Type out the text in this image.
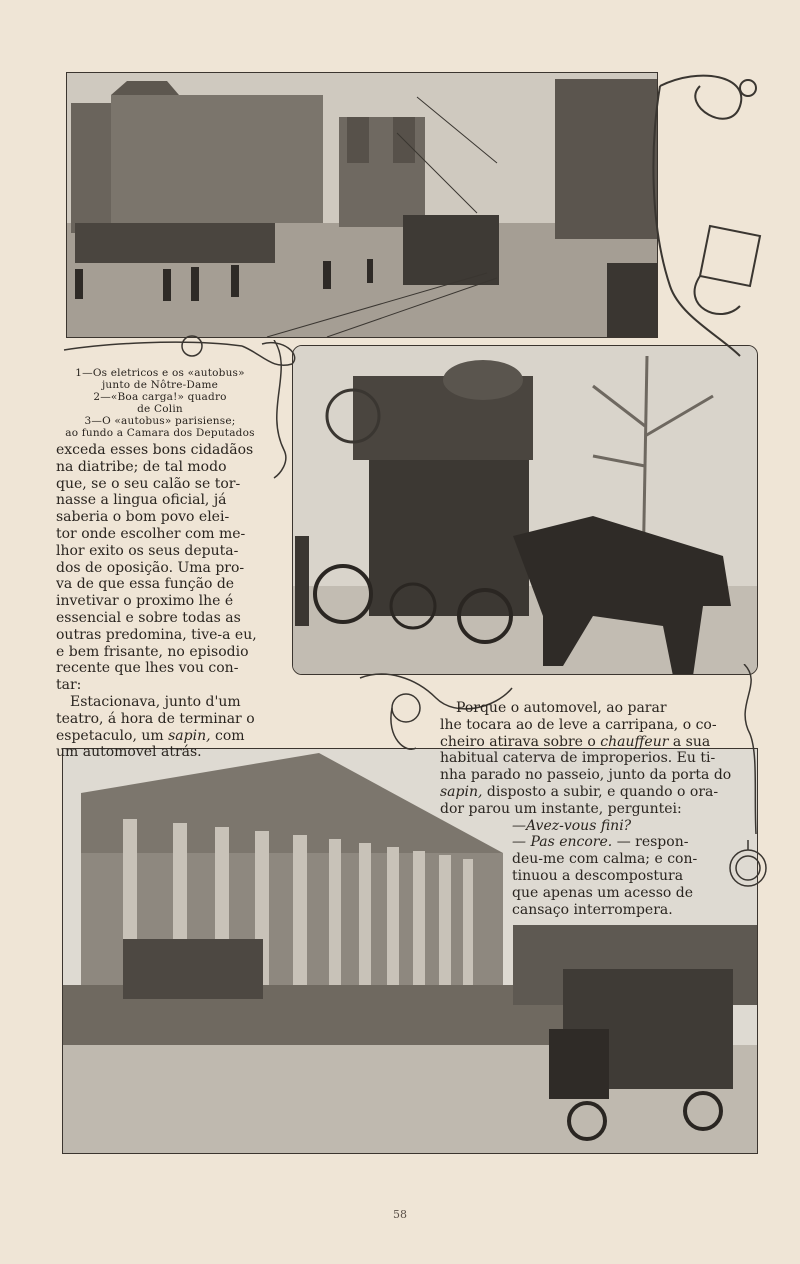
1—Os eletricos e os «autobus»
junto de Nôtre-Dame
2—«Boa carga!» quadro
de Colin
3—O «autobus» parisiense;
ao fundo a Camara dos Deputados
exceda esses bons cidadãos
na diatribe; de tal modo
que, se o seu calão se tor-
nasse a lingua oficial, já
saberia o bom povo elei-
tor onde escolher com me-
lhor exito os seus deputa-
dos de oposição. Uma pro-
va de que essa função de
invetivar o proximo lhe é
essencial e sobre todas as
outras predomina, tive-a eu,
e bem frisante, no episodio
recente que lhes vou con-
tar:
Estacionava, junto d'um
teatro, á hora de terminar o
espetaculo, um sapin, com
um automovel atrás.
Porque o automovel, ao parar
lhe tocara ao de leve a carripana, o co-
cheiro atirava sobre o chauffeur a sua
habitual caterva de improperios. Eu ti-
nha parado no passeio, junto da porta do
sapin, disposto a subir, e quando o ora-
dor parou um instante, perguntei:
—Avez-vous fini?
— Pas encore. — respon-
deu-me com calma; e con-
tinuou a descompostura
que apenas um acesso de
cansaço interrompera.
58
